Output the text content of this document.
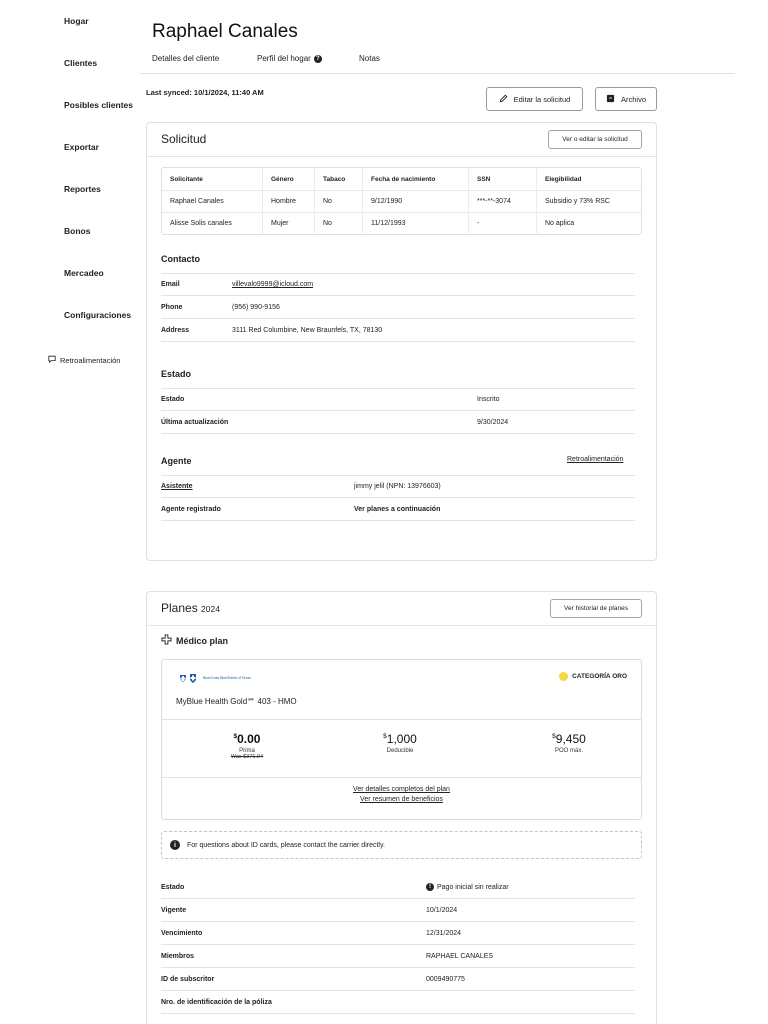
Hogar
Clientes
Posibles clientes
Exportar
Reportes
Bonos
Mercadeo
Configuraciones
Retroalimentación
Raphael Canales
Detalles del cliente	Perfil del hogar ?	Notas
Last synced: 10/1/2024, 11:40 AM
Editar la solicitud	Archivo
Solicitud	Ver o editar la solicitud
Solicitante	Género	Tabaco	Fecha de nacimiento	SSN	Elegibilidad
Raphael Canales	Hombre	No	9/12/1990	***-**-3074	Subsidio y 73% RSC
Alisse Solis canales	Mujer	No	11/12/1993	-	No aplica
Contacto
Email	villevalo9999@icloud.com
Phone	(956) 990-9156
Address	3111 Red Columbine, New Braunfels, TX, 78130
Estado
Estado	Inscrito
Última actualización	9/30/2024
Agente	Retroalimentación
Asistente	jimmy jelil (NPN: 13976603)
Agente registrado	Ver planes a continuación
Planes 2024	Ver historial de planes
Médico plan
BlueCross BlueShield of Texas	CATEGORÍA ORO
MyBlue Health Gold℠ 403 - HMO
$0.00
Prima
Was $371.04
$1,000
Deducible
$9,450
POO máx.
Ver detalles completos del plan
Ver resumen de beneficios
i	For questions about ID cards, please contact the carrier directly.
Estado	! Pago inicial sin realizar
Vigente	10/1/2024
Vencimiento	12/31/2024
Miembros	RAPHAEL CANALES
ID de subscritor	0009490775
Nro. de identificación de la póliza
